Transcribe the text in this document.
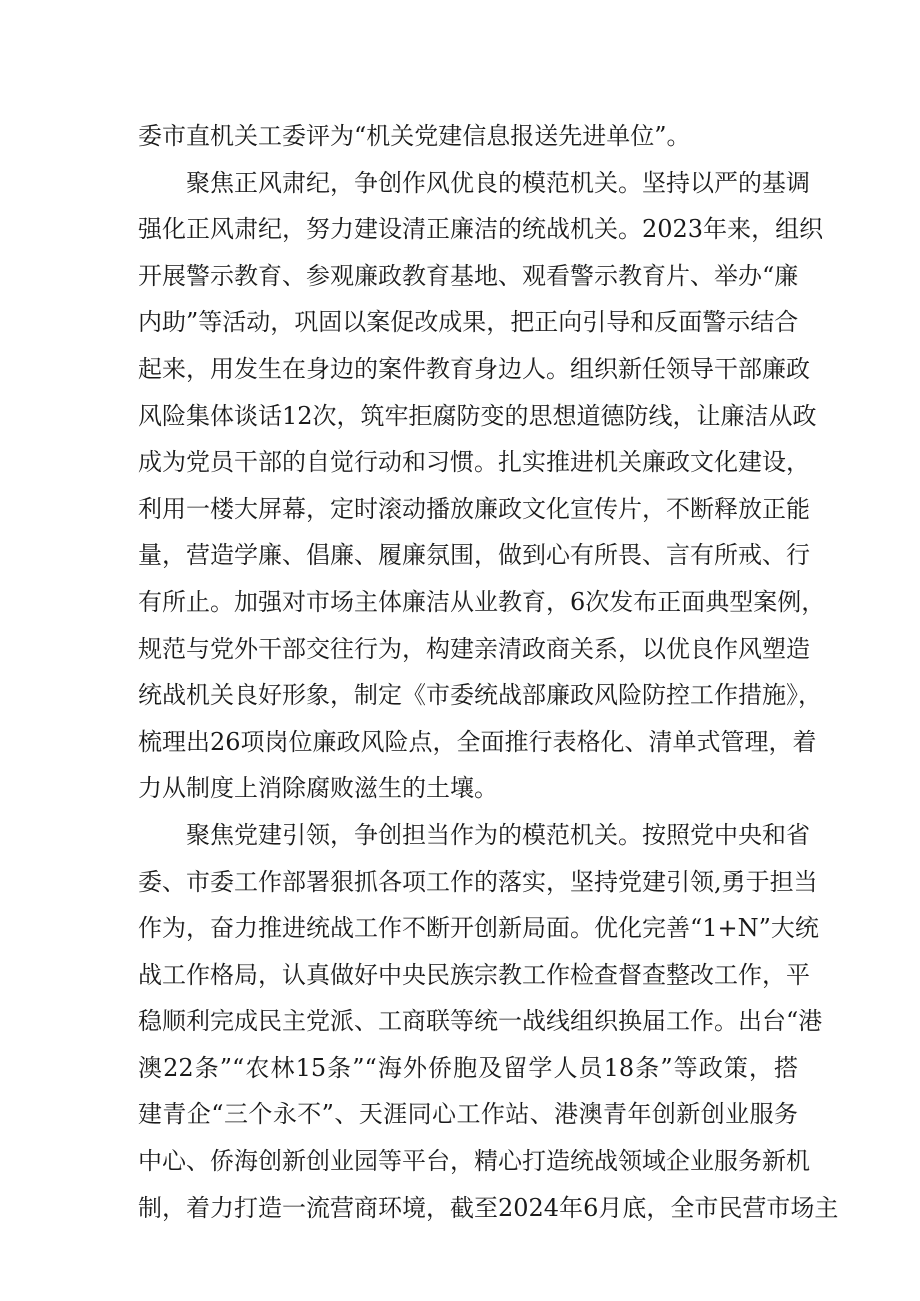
委市直机关工委评为“机关党建信息报送先进单位”。
聚焦正风肃纪，争创作风优良的模范机关。坚持以严的基调
强化正风肃纪，努力建设清正廉洁的统战机关。2023年来，组织
开展警示教育、参观廉政教育基地、观看警示教育片、举办“廉
内助”等活动，巩固以案促改成果，把正向引导和反面警示结合
起来，用发生在身边的案件教育身边人。组织新任领导干部廉政
风险集体谈话12次，筑牢拒腐防变的思想道德防线，让廉洁从政
成为党员干部的自觉行动和习惯。扎实推进机关廉政文化建设，
利用一楼大屏幕，定时滚动播放廉政文化宣传片，不断释放正能
量，营造学廉、倡廉、履廉氛围，做到心有所畏、言有所戒、行
有所止。加强对市场主体廉洁从业教育，6次发布正面典型案例，
规范与党外干部交往行为，构建亲清政商关系，以优良作风塑造
统战机关良好形象，制定《市委统战部廉政风险防控工作措施》，
梳理出26项岗位廉政风险点，全面推行表格化、清单式管理，着
力从制度上消除腐败滋生的土壤。
聚焦党建引领，争创担当作为的模范机关。按照党中央和省
委、市委工作部署狠抓各项工作的落实，坚持党建引领,勇于担当
作为，奋力推进统战工作不断开创新局面。优化完善“1+N”大统
战工作格局，认真做好中央民族宗教工作检查督查整改工作，平
稳顺利完成民主党派、工商联等统一战线组织换届工作。出台“港
澳22条”“农林15条”“海外侨胞及留学人员18条”等政策，搭
建青企“三个永不”、天涯同心工作站、港澳青年创新创业服务
中心、侨海创新创业园等平台，精心打造统战领域企业服务新机
制，着力打造一流营商环境，截至2024年6月底，全市民营市场主
